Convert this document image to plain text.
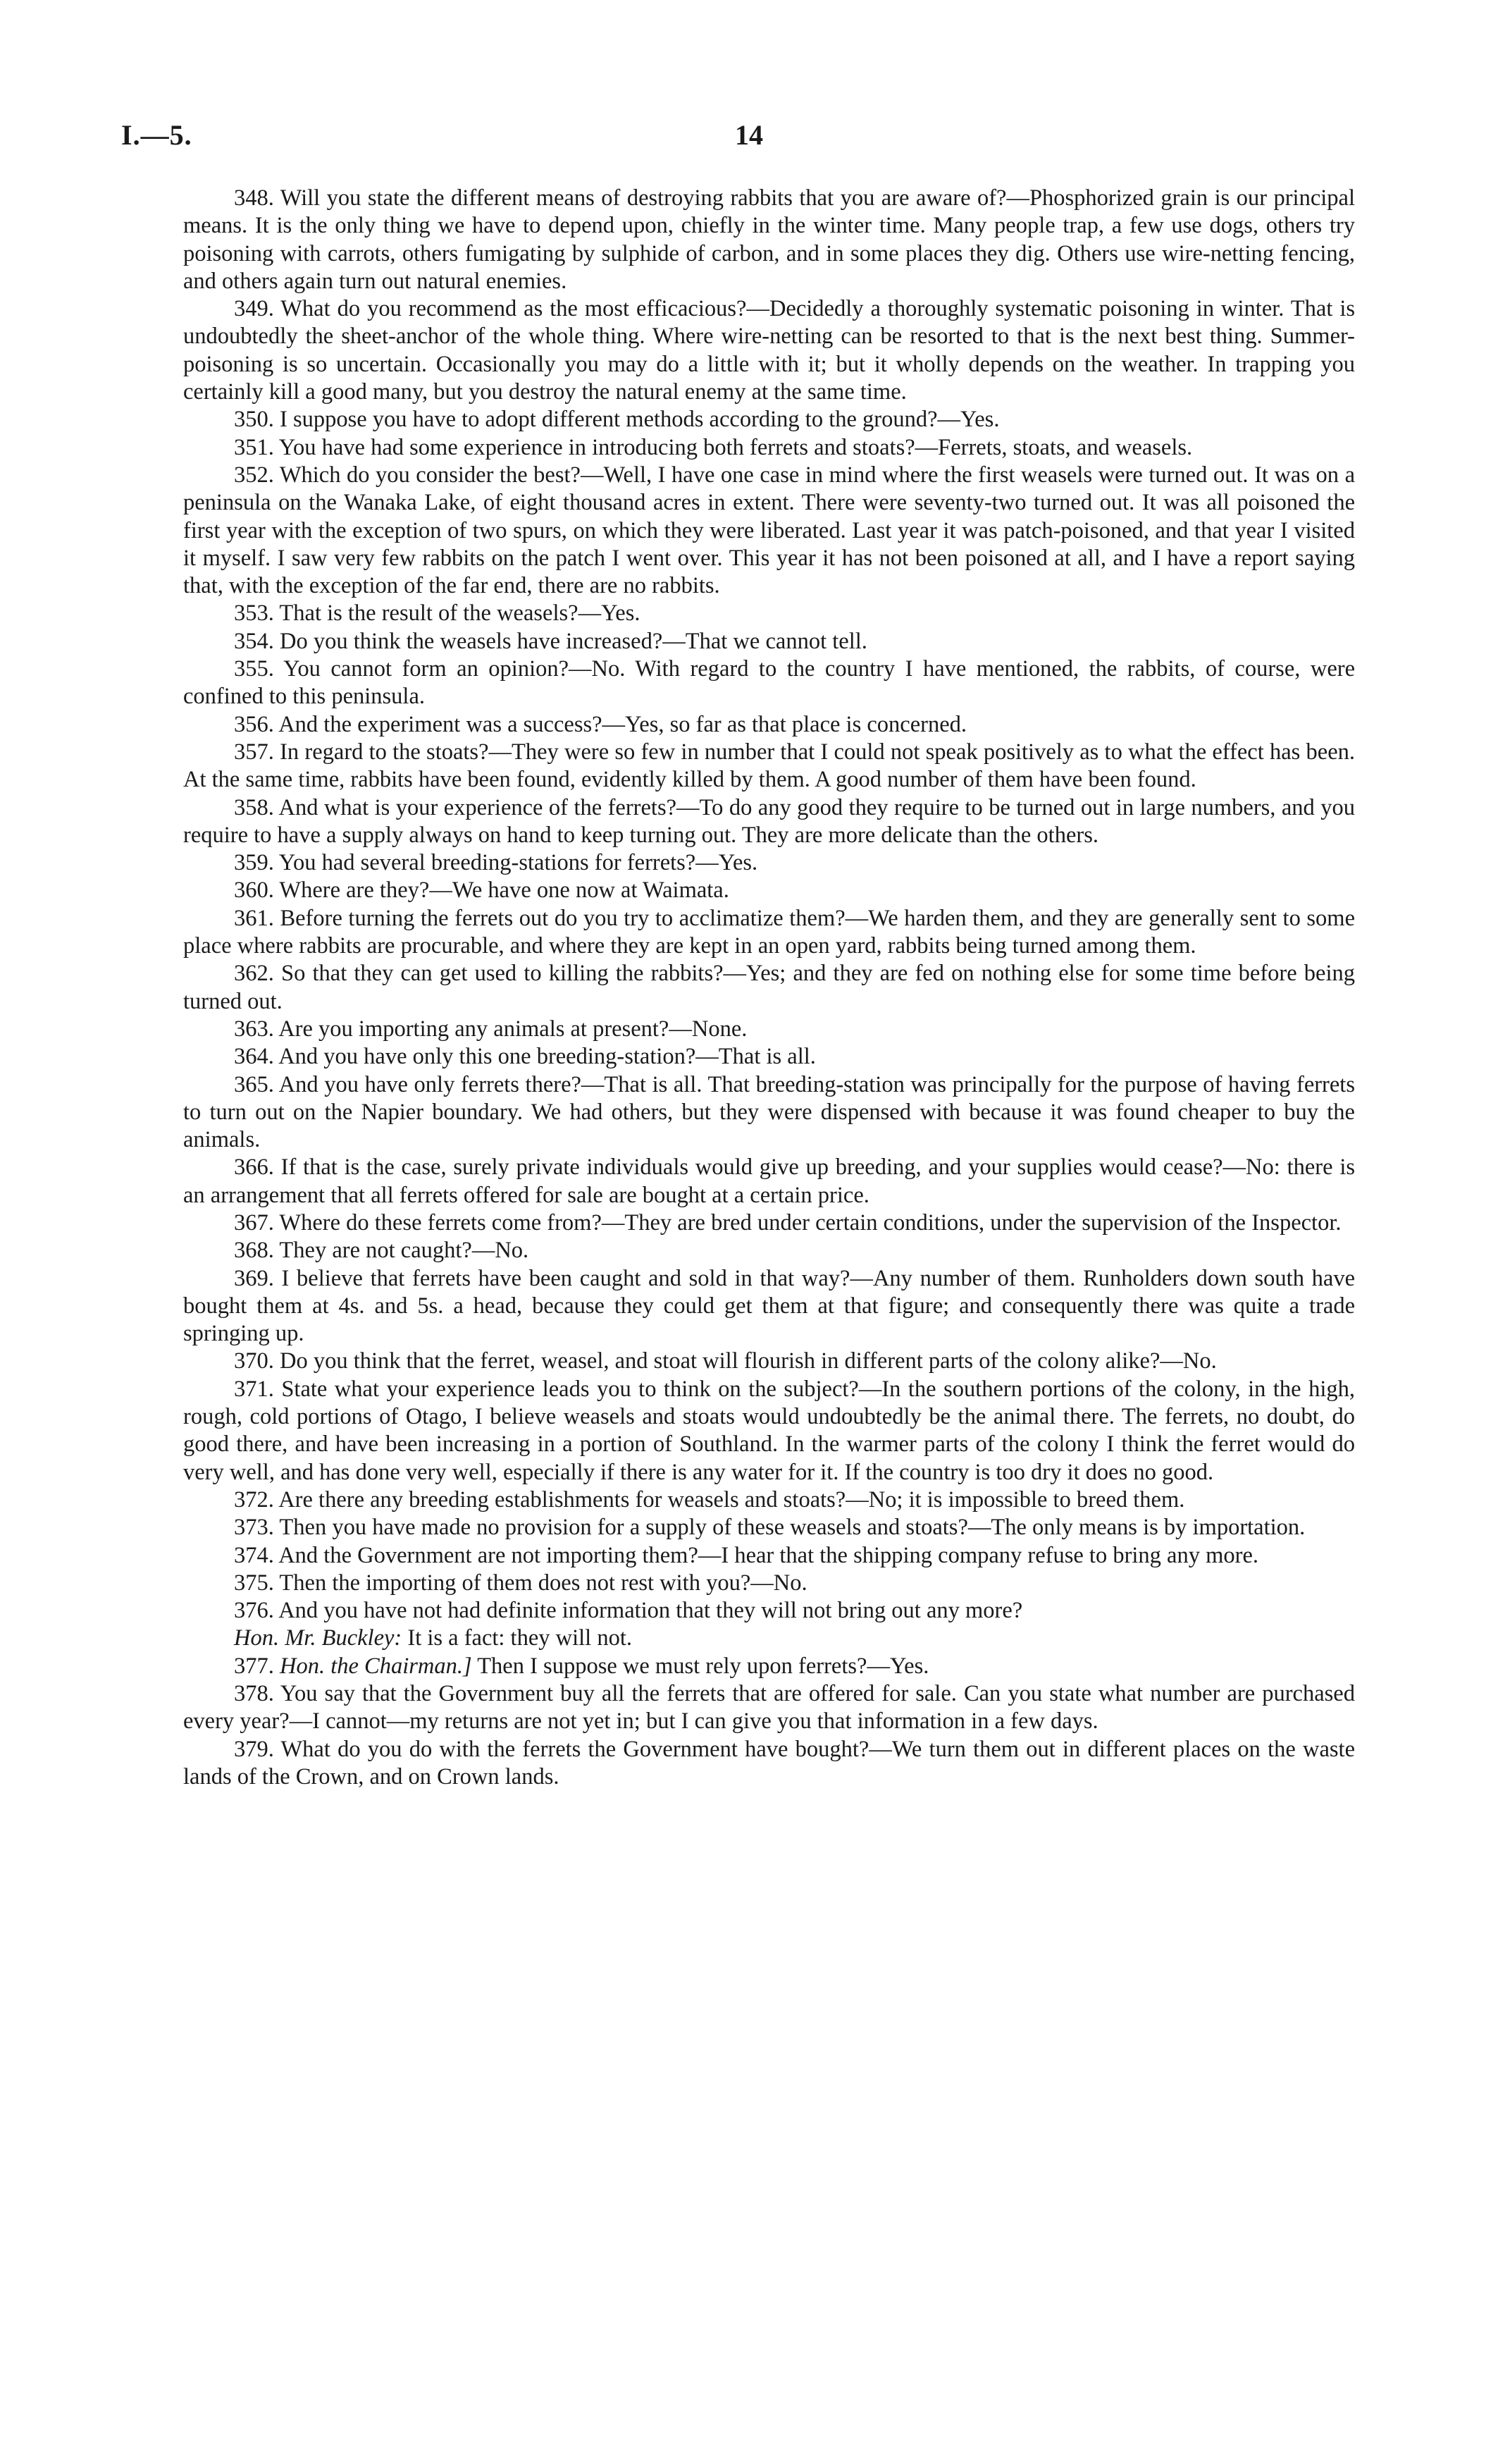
I.—5.	14

348. Will you state the different means of destroying rabbits that you are aware of?—Phosphorized grain is our principal means. It is the only thing we have to depend upon, chiefly in the winter time. Many people trap, a few use dogs, others try poisoning with carrots, others fumigating by sulphide of carbon, and in some places they dig. Others use wire-netting fencing, and others again turn out natural enemies.

349. What do you recommend as the most efficacious?—Decidedly a thoroughly systematic poisoning in winter. That is undoubtedly the sheet-anchor of the whole thing. Where wire-netting can be resorted to that is the next best thing. Summer-poisoning is so uncertain. Occasionally you may do a little with it; but it wholly depends on the weather. In trapping you certainly kill a good many, but you destroy the natural enemy at the same time.

350. I suppose you have to adopt different methods according to the ground?—Yes.

351. You have had some experience in introducing both ferrets and stoats?—Ferrets, stoats, and weasels.

352. Which do you consider the best?—Well, I have one case in mind where the first weasels were turned out. It was on a peninsula on the Wanaka Lake, of eight thousand acres in extent. There were seventy-two turned out. It was all poisoned the first year with the exception of two spurs, on which they were liberated. Last year it was patch-poisoned, and that year I visited it myself. I saw very few rabbits on the patch I went over. This year it has not been poisoned at all, and I have a report saying that, with the exception of the far end, there are no rabbits.

353. That is the result of the weasels?—Yes.

354. Do you think the weasels have increased?—That we cannot tell.

355. You cannot form an opinion?—No. With regard to the country I have mentioned, the rabbits, of course, were confined to this peninsula.

356. And the experiment was a success?—Yes, so far as that place is concerned.

357. In regard to the stoats?—They were so few in number that I could not speak positively as to what the effect has been. At the same time, rabbits have been found, evidently killed by them. A good number of them have been found.

358. And what is your experience of the ferrets?—To do any good they require to be turned out in large numbers, and you require to have a supply always on hand to keep turning out. They are more delicate than the others.

359. You had several breeding-stations for ferrets?—Yes.

360. Where are they?—We have one now at Waimata.

361. Before turning the ferrets out do you try to acclimatize them?—We harden them, and they are generally sent to some place where rabbits are procurable, and where they are kept in an open yard, rabbits being turned among them.

362. So that they can get used to killing the rabbits?—Yes; and they are fed on nothing else for some time before being turned out.

363. Are you importing any animals at present?—None.

364. And you have only this one breeding-station?—That is all.

365. And you have only ferrets there?—That is all. That breeding-station was principally for the purpose of having ferrets to turn out on the Napier boundary. We had others, but they were dispensed with because it was found cheaper to buy the animals.

366. If that is the case, surely private individuals would give up breeding, and your supplies would cease?—No: there is an arrangement that all ferrets offered for sale are bought at a certain price.

367. Where do these ferrets come from?—They are bred under certain conditions, under the supervision of the Inspector.

368. They are not caught?—No.

369. I believe that ferrets have been caught and sold in that way?—Any number of them. Runholders down south have bought them at 4s. and 5s. a head, because they could get them at that figure; and consequently there was quite a trade springing up.

370. Do you think that the ferret, weasel, and stoat will flourish in different parts of the colony alike?—No.

371. State what your experience leads you to think on the subject?—In the southern portions of the colony, in the high, rough, cold portions of Otago, I believe weasels and stoats would undoubtedly be the animal there. The ferrets, no doubt, do good there, and have been increasing in a portion of Southland. In the warmer parts of the colony I think the ferret would do very well, and has done very well, especially if there is any water for it. If the country is too dry it does no good.

372. Are there any breeding establishments for weasels and stoats?—No; it is impossible to breed them.

373. Then you have made no provision for a supply of these weasels and stoats?—The only means is by importation.

374. And the Government are not importing them?—I hear that the shipping company refuse to bring any more.

375. Then the importing of them does not rest with you?—No.

376. And you have not had definite information that they will not bring out any more?

Hon. Mr. Buckley: It is a fact: they will not.

377. Hon. the Chairman.] Then I suppose we must rely upon ferrets?—Yes.

378. You say that the Government buy all the ferrets that are offered for sale. Can you state what number are purchased every year?—I cannot—my returns are not yet in; but I can give you that information in a few days.

379. What do you do with the ferrets the Government have bought?—We turn them out in different places on the waste lands of the Crown, and on Crown lands.
